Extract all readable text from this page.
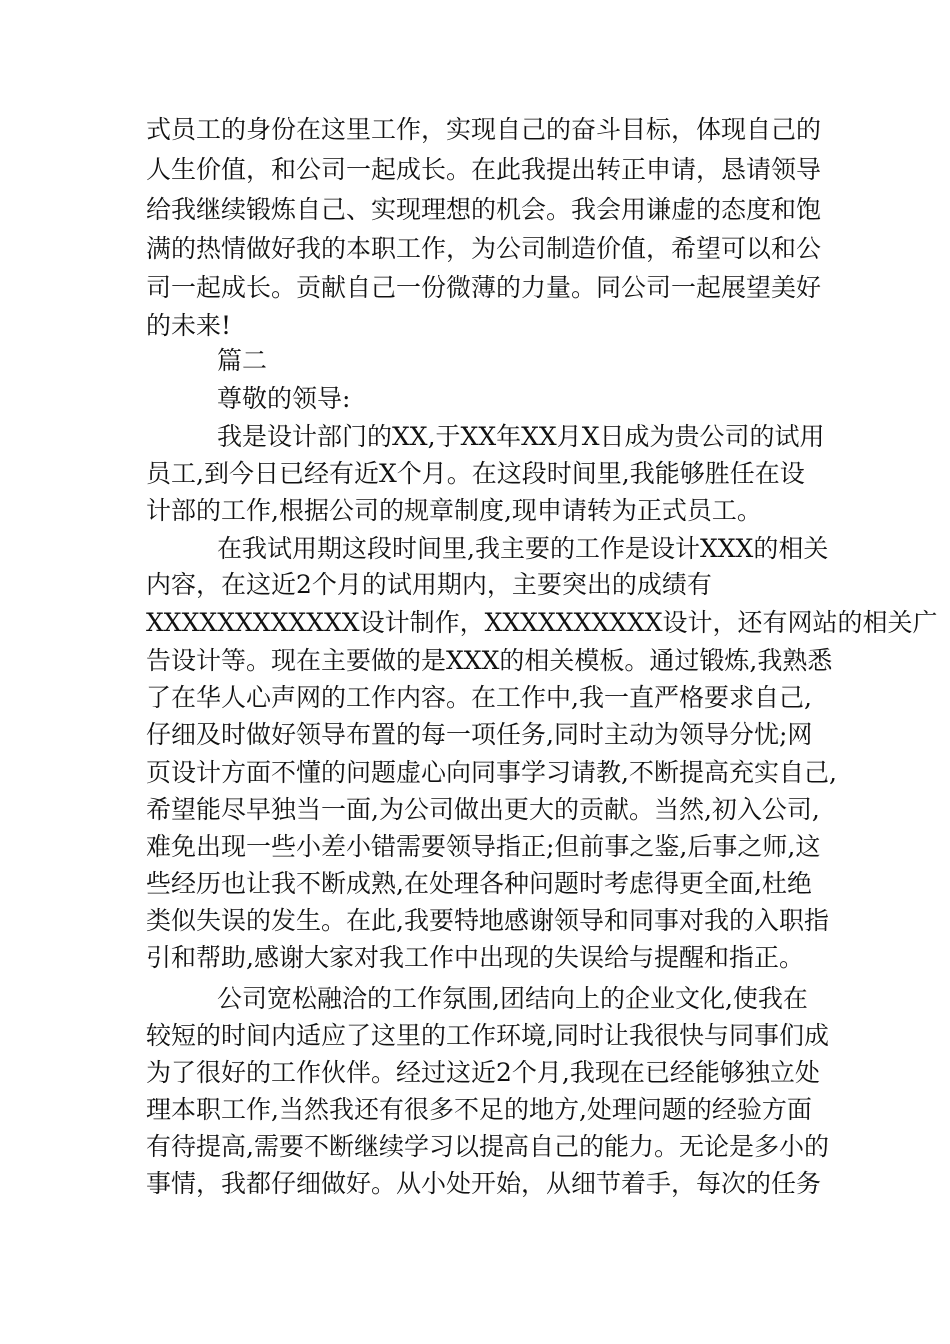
式员工的身份在这里工作，实现自己的奋斗目标，体现自己的
人生价值，和公司一起成长。在此我提出转正申请，恳请领导
给我继续锻炼自己、实现理想的机会。我会用谦虚的态度和饱
满的热情做好我的本职工作，为公司制造价值，希望可以和公
司一起成长。贡献自己一份微薄的力量。同公司一起展望美好
的未来!
篇二
尊敬的领导:
我是设计部门的XX,于XX年XX月X日成为贵公司的试用
员工,到今日已经有近X个月。在这段时间里,我能够胜任在设
计部的工作,根据公司的规章制度,现申请转为正式员工。
在我试用期这段时间里,我主要的工作是设计XXX的相关
内容，在这近2个月的试用期内，主要突出的成绩有
XXXXXXXXXXXX设计制作，XXXXXXXXXX设计，还有网站的相关广
告设计等。现在主要做的是XXX的相关模板。通过锻炼,我熟悉
了在华人心声网的工作内容。在工作中,我一直严格要求自己,
仔细及时做好领导布置的每一项任务,同时主动为领导分忧;网
页设计方面不懂的问题虚心向同事学习请教,不断提高充实自己,
希望能尽早独当一面,为公司做出更大的贡献。当然,初入公司,
难免出现一些小差小错需要领导指正;但前事之鉴,后事之师,这
些经历也让我不断成熟,在处理各种问题时考虑得更全面,杜绝
类似失误的发生。在此,我要特地感谢领导和同事对我的入职指
引和帮助,感谢大家对我工作中出现的失误给与提醒和指正。
公司宽松融洽的工作氛围,团结向上的企业文化,使我在
较短的时间内适应了这里的工作环境,同时让我很快与同事们成
为了很好的工作伙伴。经过这近2个月,我现在已经能够独立处
理本职工作,当然我还有很多不足的地方,处理问题的经验方面
有待提高,需要不断继续学习以提高自己的能力。无论是多小的
事情，我都仔细做好。从小处开始，从细节着手，每次的任务
